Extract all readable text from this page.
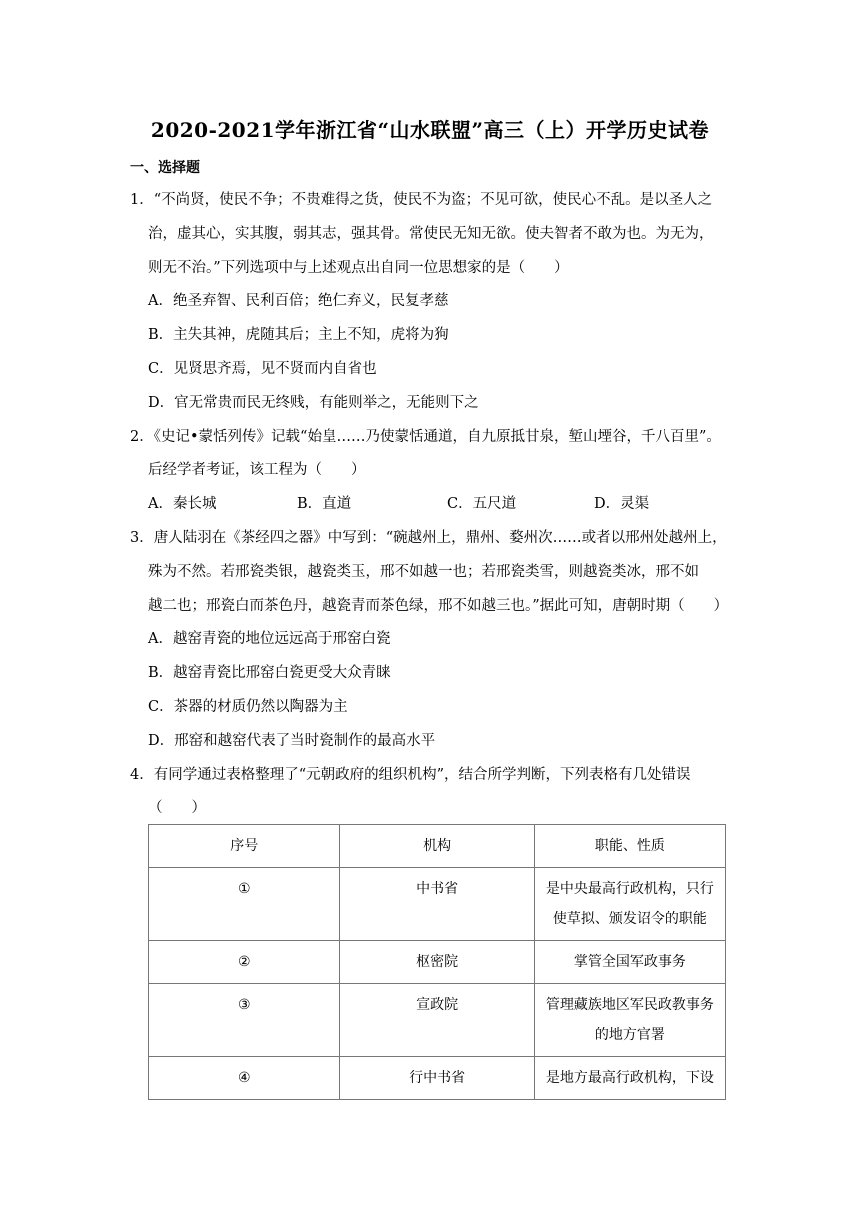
2020-2021学年浙江省“山水联盟”高三（上）开学历史试卷
一、选择题
1．“不尚贤，使民不争；不贵难得之货，使民不为盗；不见可欲，使民心不乱。是以圣人之
治，虚其心，实其腹，弱其志，强其骨。常使民无知无欲。使夫智者不敢为也。为无为，
则无不治。”下列选项中与上述观点出自同一位思想家的是（　　）
A．绝圣弃智、民利百倍；绝仁弃义，民复孝慈
B．主失其神，虎随其后；主上不知，虎将为狗
C．见贤思齐焉，见不贤而内自省也
D．官无常贵而民无终贱，有能则举之，无能则下之
2．《史记•蒙恬列传》记载“始皇……乃使蒙恬通道，自九原抵甘泉，堑山堙谷，千八百里”。
后经学者考证，该工程为（　　）
A．秦长城	B．直道	C．五尺道	D．灵渠
3．唐人陆羽在《茶经四之器》中写到：“碗越州上，鼎州、婺州次……或者以邢州处越州上，
殊为不然。若邢瓷类银，越瓷类玉，邢不如越一也；若邢瓷类雪，则越瓷类冰，邢不如
越二也；邢瓷白而茶色丹，越瓷青而茶色绿，邢不如越三也。”据此可知，唐朝时期（　　）
A．越窑青瓷的地位远远高于邢窑白瓷
B．越窑青瓷比邢窑白瓷更受大众青睐
C．茶器的材质仍然以陶器为主
D．邢窑和越窑代表了当时瓷制作的最高水平
4．有同学通过表格整理了“元朝政府的组织机构”，结合所学判断，下列表格有几处错误
（　　）
序号	机构	职能、性质
①	中书省	是中央最高行政机构，只行
使草拟、颁发诏令的职能

②	枢密院	掌管全国军政事务

③	宣政院	管理藏族地区军民政教事务
的地方官署

④	行中书省	是地方最高行政机构，下设
